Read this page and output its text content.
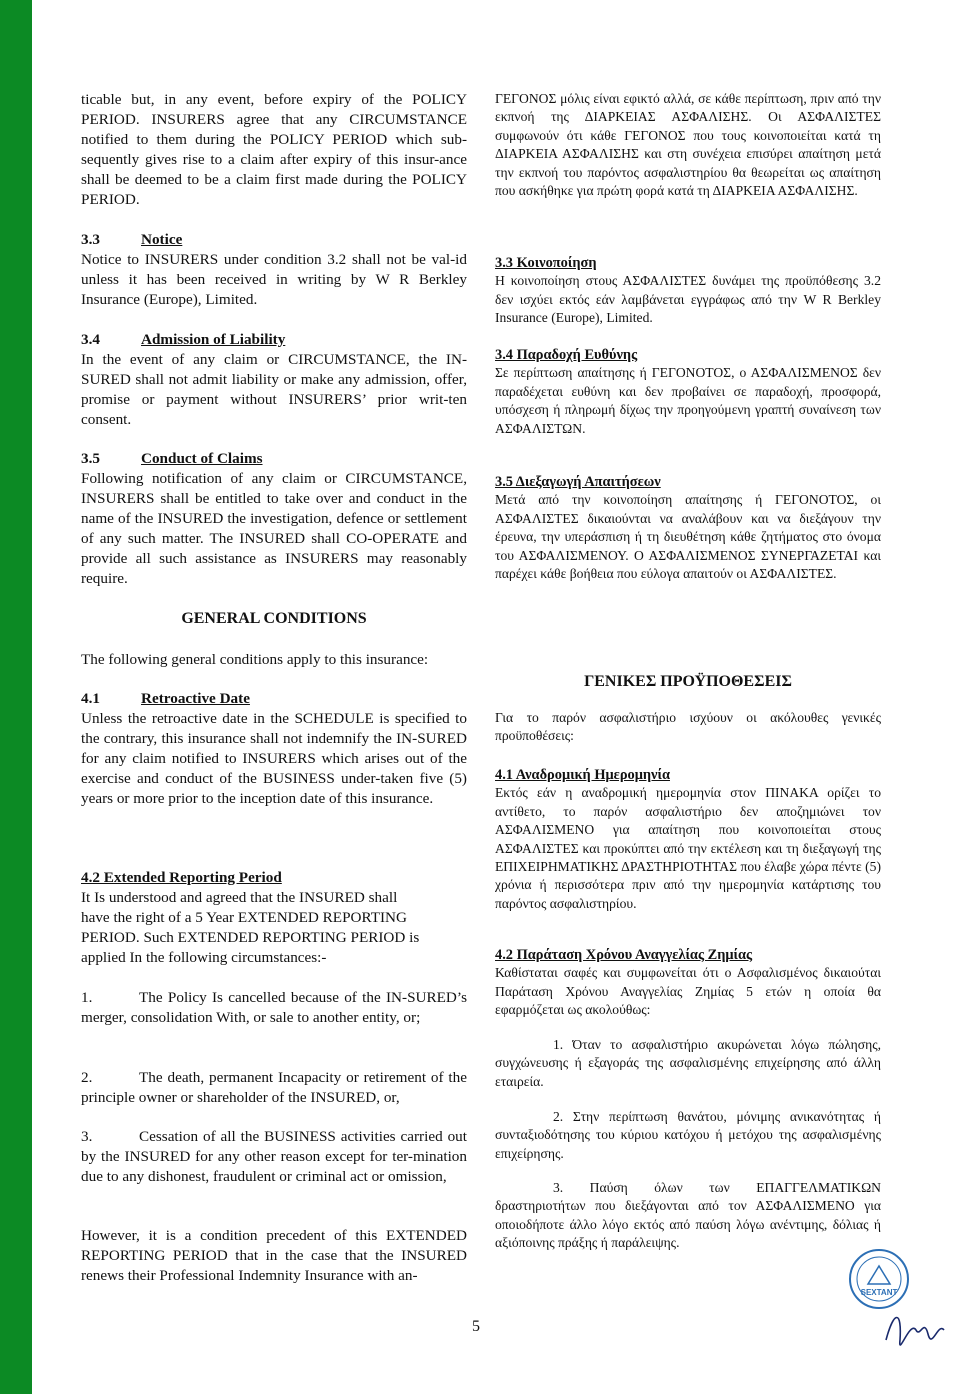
ticable but, in any event, before expiry of the POLICY PERIOD. INSURERS agree that any CIRCUMSTANCE notified to them during the POLICY PERIOD which sub-sequently gives rise to a claim after expiry of this insur-ance shall be deemed to be a claim first made during the POLICY PERIOD.

3.3	Notice

Notice to INSURERS under condition 3.2 shall not be val-id unless it has been received in writing by W R Berkley Insurance (Europe), Limited.

3.4	Admission of Liability

In the event of any claim or CIRCUMSTANCE, the IN-SURED shall not admit liability or make any admission, offer, promise or payment without INSURERS’ prior writ-ten consent.

3.5	Conduct of Claims

Following notification of any claim or CIRCUMSTANCE, INSURERS shall be entitled to take over and conduct in the name of the INSURED the investigation, defence or settlement of any such matter. The INSURED shall CO-OPERATE and provide all such assistance as INSURERS may reasonably require.

GENERAL CONDITIONS
The following general conditions apply to this insurance:

4.1	Retroactive Date

Unless the retroactive date in the SCHEDULE is specified to the contrary, this insurance shall not indemnify the IN-SURED for any claim notified to INSURERS which arises out of the exercise and conduct of the BUSINESS under-taken five (5) years or more prior to the inception date of this insurance.

4.2 Extended Reporting Period

It Is understood and agreed that the INSURED shall

have the right of a 5 Year EXTENDED REPORTING

PERIOD. Such EXTENDED REPORTING PERIOD is

applied In the following circumstances:-

1.	The Policy Is cancelled because of the IN-SURED’s merger, consolidation With, or sale to another entity, or;

2.	The death, permanent Incapacity or retirement of the principle owner or shareholder of the INSURED, or,

3.	Cessation of all the BUSINESS activities carried out by the INSURED for any other reason except for ter-mination due to any dishonest, fraudulent or criminal act or omission,

However, it is a condition precedent of this EXTENDED REPORTING PERIOD that in the case that the INSURED renews their Professional Indemnity Insurance with an-

ΓΕΓΟΝΟΣ μόλις είναι εφικτό αλλά, σε κάθε περίπτωση, πριν από την εκπνοή της ΔΙΑΡΚΕΙΑΣ ΑΣΦΑΛΙΣΗΣ. Οι ΑΣΦΑΛΙΣΤΕΣ συμφωνούν ότι κάθε ΓΕΓΟΝΟΣ που τους κοινοποιείται κατά τη ΔΙΑΡΚΕΙΑ ΑΣΦΑΛΙΣΗΣ και στη συνέχεια επισύρει απαίτηση μετά την εκπνοή του παρόντος ασφαλιστηρίου θα θεωρείται ως απαίτηση που ασκήθηκε για πρώτη φορά κατά τη ΔΙΑΡΚΕΙΑ ΑΣΦΑΛΙΣΗΣ.

3.3 Κοινοποίηση

Η κοινοποίηση στους ΑΣΦΑΛΙΣΤΕΣ δυνάμει της προϋπόθεσης 3.2 δεν ισχύει εκτός εάν λαμβάνεται εγγράφως από την W R Berkley Insurance (Europe), Limited.

3.4 Παραδοχή Ευθύνης

Σε περίπτωση απαίτησης ή ΓΕΓΟΝΟΤΟΣ, ο ΑΣΦΑΛΙΣΜΕΝΟΣ δεν παραδέχεται ευθύνη και δεν προβαίνει σε παραδοχή, προσφορά, υπόσχεση ή πληρωμή δίχως την προηγούμενη γραπτή συναίνεση των ΑΣΦΑΛΙΣΤΩΝ.

3.5 Διεξαγωγή Απαιτήσεων

Μετά από την κοινοποίηση απαίτησης ή ΓΕΓΟΝΟΤΟΣ, οι ΑΣΦΑΛΙΣΤΕΣ δικαιούνται να αναλάβουν και να διεξάγουν την έρευνα, την υπεράσπιση ή τη διευθέτηση κάθε ζητήματος στο όνομα του ΑΣΦΑΛΙΣΜΕΝΟΥ. Ο ΑΣΦΑΛΙΣΜΕΝΟΣ ΣΥΝΕΡΓΑΖΕΤΑΙ και παρέχει κάθε βοήθεια που εύλογα απαιτούν οι ΑΣΦΑΛΙΣΤΕΣ.

ΓΕΝΙΚΕΣ ΠΡΟΫΠΟΘΕΣΕΙΣ
Για το παρόν ασφαλιστήριο ισχύουν οι ακόλουθες γενικές προϋποθέσεις:

4.1 Αναδρομική Ημερομηνία

Εκτός εάν η αναδρομική ημερομηνία στον ΠΙΝΑΚΑ ορίζει το αντίθετο, το παρόν ασφαλιστήριο δεν αποζημιώνει τον ΑΣΦΑΛΙΣΜΕΝΟ για απαίτηση που κοινοποιείται στους ΑΣΦΑΛΙΣΤΕΣ και προκύπτει από την εκτέλεση και τη διεξαγωγή της ΕΠΙΧΕΙΡΗΜΑΤΙΚΗΣ ΔΡΑΣΤΗΡΙΟΤΗΤΑΣ που έλαβε χώρα πέντε (5) χρόνια ή περισσότερα πριν από την ημερομηνία κατάρτισης του παρόντος ασφαλιστηρίου.

4.2 Παράταση Χρόνου Αναγγελίας Ζημίας

Καθίσταται σαφές και συμφωνείται ότι ο Ασφαλισμένος δικαιούται Παράταση Χρόνου Αναγγελίας Ζημίας 5 ετών η οποία θα εφαρμόζεται ως ακολούθως:

1. Όταν το ασφαλιστήριο ακυρώνεται λόγω πώλησης, συγχώνευσης ή εξαγοράς της ασφαλισμένης επιχείρησης από άλλη εταιρεία.
2. Στην περίπτωση θανάτου, μόνιμης ανικανότητας ή συνταξιοδότησης του κύριου κατόχου ή μετόχου της ασφαλισμένης επιχείρησης.
3. Παύση όλων των ΕΠΑΓΓΕΛΜΑΤΙΚΩΝ δραστηριοτήτων που διεξάγονται από τον ΑΣΦΑΛΙΣΜΕΝΟ για οποιοδήποτε άλλο λόγο εκτός από παύση λόγω ανέντιμης, δόλιας ή αξιόποινης πράξης ή παράλειψης.
5
SEXTANT
